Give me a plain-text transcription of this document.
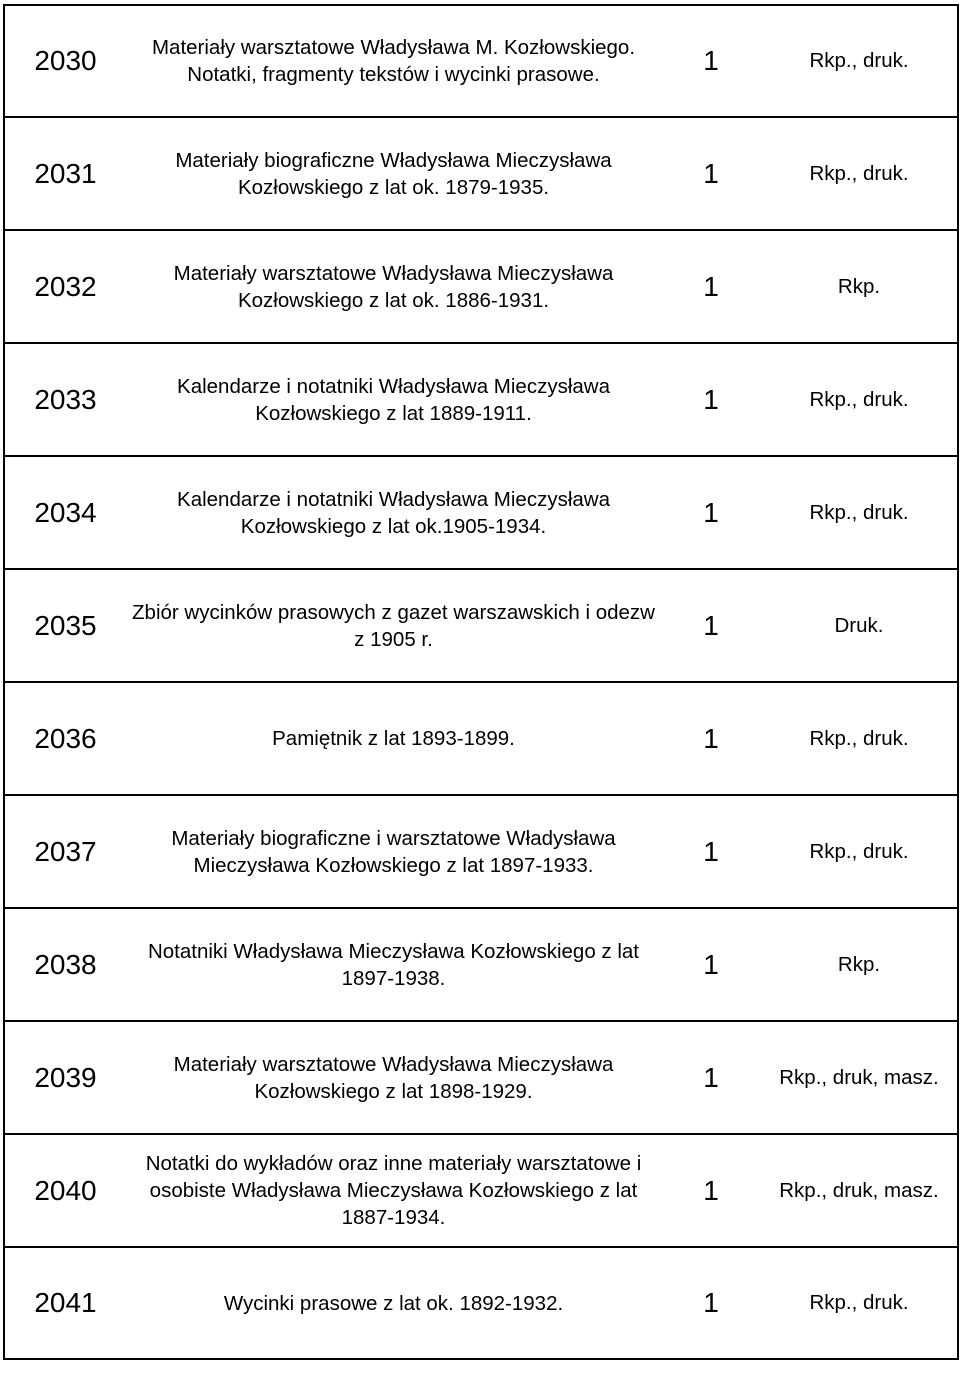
2030	Materiały warsztatowe Władysława M. Kozłowskiego.
Notatki, fragmenty tekstów i wycinki prasowe.	1	Rkp., druk.
2031	Materiały biograficzne Władysława Mieczysława
Kozłowskiego z lat ok. 1879-1935.	1	Rkp., druk.
2032	Materiały warsztatowe Władysława Mieczysława
Kozłowskiego z lat ok. 1886-1931.	1	Rkp.
2033	Kalendarze i notatniki Władysława Mieczysława
Kozłowskiego z lat 1889-1911.	1	Rkp., druk.
2034	Kalendarze i notatniki Władysława Mieczysława
Kozłowskiego z lat ok.1905-1934.	1	Rkp., druk.
2035	Zbiór wycinków prasowych z gazet warszawskich i odezw
z 1905 r.	1	Druk.
2036	Pamiętnik z lat 1893-1899.	1	Rkp., druk.
2037	Materiały biograficzne i warsztatowe Władysława
Mieczysława Kozłowskiego z lat 1897-1933.	1	Rkp., druk.
2038	Notatniki Władysława Mieczysława Kozłowskiego z lat
1897-1938.	1	Rkp.
2039	Materiały warsztatowe Władysława Mieczysława
Kozłowskiego z lat 1898-1929.	1	Rkp., druk, masz.
2040	Notatki do wykładów oraz inne materiały warsztatowe i
osobiste Władysława Mieczysława Kozłowskiego z lat
1887-1934.	1	Rkp., druk, masz.
2041	Wycinki prasowe z lat ok. 1892-1932.	1	Rkp., druk.
